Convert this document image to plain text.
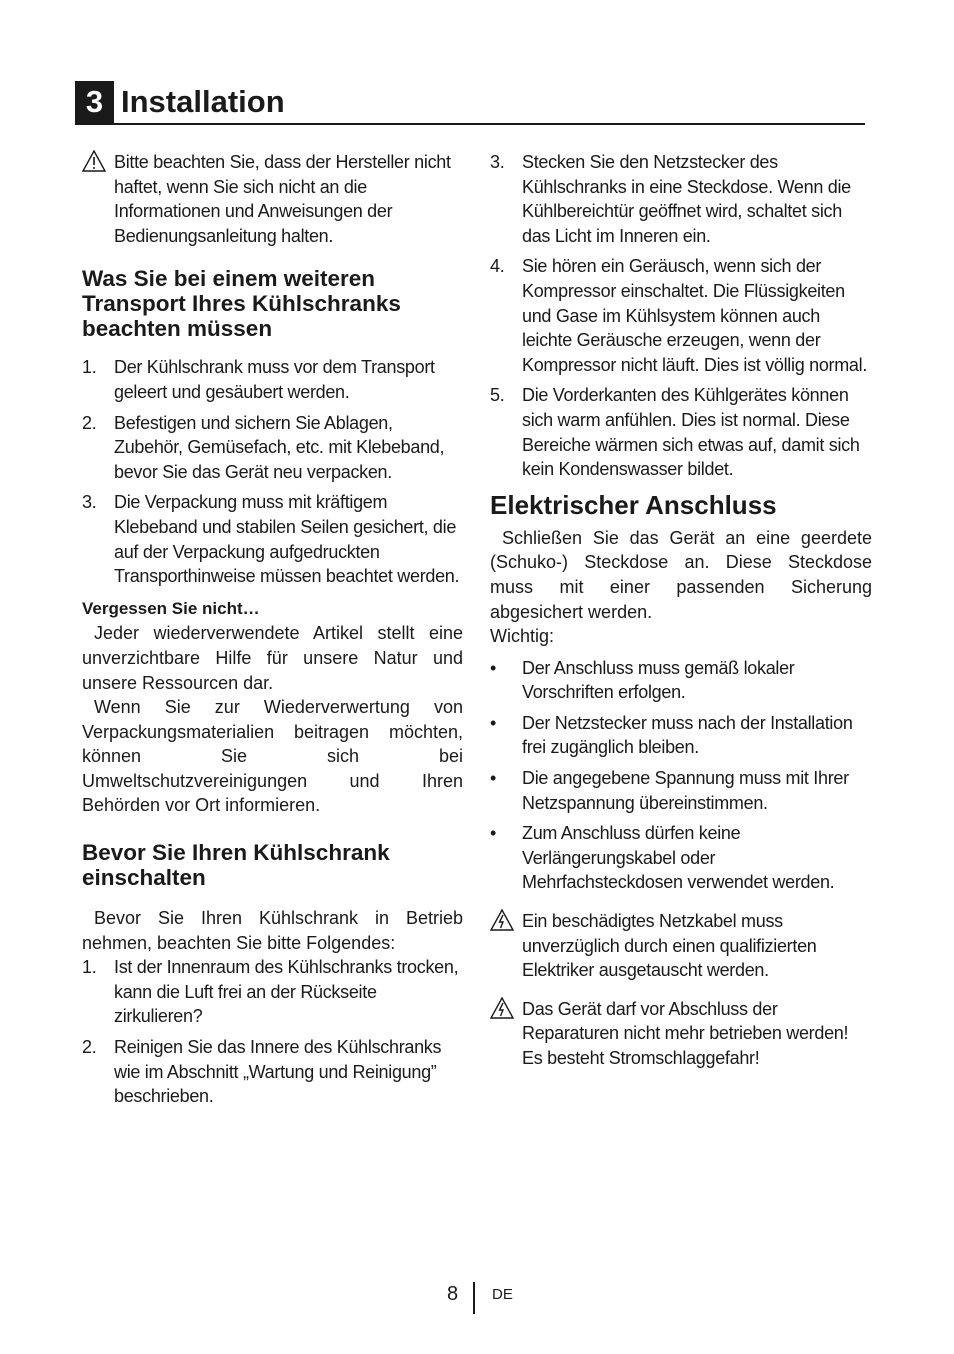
3 Installation
Bitte beachten Sie, dass der Hersteller nicht haftet, wenn Sie sich nicht an die Informationen und Anweisungen der Bedienungsanleitung halten.
Was Sie bei einem weiteren Transport Ihres Kühlschranks beachten müssen
1. Der Kühlschrank muss vor dem Transport geleert und gesäubert werden.
2. Befestigen und sichern Sie Ablagen, Zubehör, Gemüsefach, etc. mit Klebeband, bevor Sie das Gerät neu verpacken.
3. Die Verpackung muss mit kräftigem Klebeband und stabilen Seilen gesichert, die auf der Verpackung aufgedruckten Transporthinweise müssen beachtet werden.
Vergessen Sie nicht…

Jeder wiederverwendete Artikel stellt eine unverzichtbare Hilfe für unsere Natur und unsere Ressourcen dar.

Wenn Sie zur Wiederverwertung von Verpackungsmaterialien beitragen möchten, können Sie sich bei Umweltschutzvereinigungen und Ihren Behörden vor Ort informieren.

Bevor Sie Ihren Kühlschrank einschalten

Bevor Sie Ihren Kühlschrank in Betrieb nehmen, beachten Sie bitte Folgendes:

1. Ist der Innenraum des Kühlschranks trocken, kann die Luft frei an der Rückseite zirkulieren?
2. Reinigen Sie das Innere des Kühlschranks wie im Abschnitt „Wartung und Reinigung” beschrieben.
3. Stecken Sie den Netzstecker des Kühlschranks in eine Steckdose. Wenn die Kühlbereichtür geöffnet wird, schaltet sich das Licht im Inneren ein.
4. Sie hören ein Geräusch, wenn sich der Kompressor einschaltet. Die Flüssigkeiten und Gase im Kühlsystem können auch leichte Geräusche erzeugen, wenn der Kompressor nicht läuft. Dies ist völlig normal.
5. Die Vorderkanten des Kühlgerätes können sich warm anfühlen. Dies ist normal. Diese Bereiche wärmen sich etwas auf, damit sich kein Kondenswasser bildet.
Elektrischer Anschluss

Schließen Sie das Gerät an eine geerdete (Schuko-) Steckdose an. Diese Steckdose muss mit einer passenden Sicherung abgesichert werden.

Wichtig:

• Der Anschluss muss gemäß lokaler Vorschriften erfolgen.
• Der Netzstecker muss nach der Installation frei zugänglich bleiben.
• Die angegebene Spannung muss mit Ihrer Netzspannung übereinstimmen.
• Zum Anschluss dürfen keine Verlängerungskabel oder Mehrfachsteckdosen verwendet werden.
Ein beschädigtes Netzkabel muss unverzüglich durch einen qualifizierten Elektriker ausgetauscht werden.
Das Gerät darf vor Abschluss der Reparaturen nicht mehr betrieben werden! Es besteht Stromschlaggefahr!
8 DE
